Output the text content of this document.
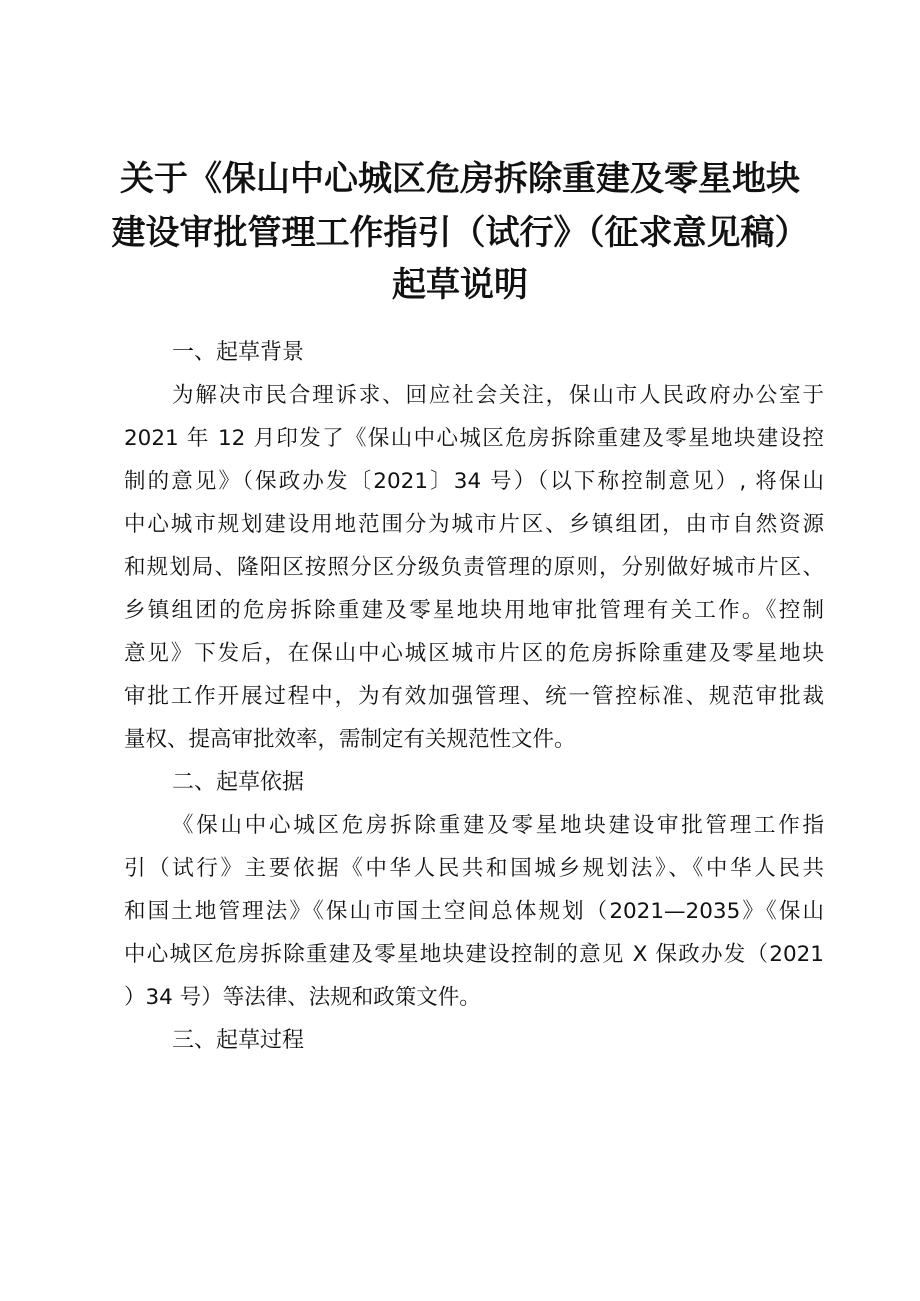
关于《保山中心城区危房拆除重建及零星地块
建设审批管理工作指引（试行》（征求意见稿）
起草说明
一、起草背景
为解决市民合理诉求、回应社会关注，保山市人民政府办公室于
2021 年 12 月印发了《保山中心城区危房拆除重建及零星地块建设控
制的意见》（保政办发〔2021〕34 号）（以下称控制意见）, 将保山
中心城市规划建设用地范围分为城市片区、乡镇组团，由市自然资源
和规划局、隆阳区按照分区分级负责管理的原则，分别做好城市片区、
乡镇组团的危房拆除重建及零星地块用地审批管理有关工作。《控制
意见》下发后，在保山中心城区城市片区的危房拆除重建及零星地块
审批工作开展过程中，为有效加强管理、统一管控标准、规范审批裁
量权、提高审批效率，需制定有关规范性文件。
二、起草依据
《保山中心城区危房拆除重建及零星地块建设审批管理工作指
引（试行》主要依据《中华人民共和国城乡规划法》、《中华人民共
和国土地管理法》《保山市国土空间总体规划（2021—2035》《保山
中心城区危房拆除重建及零星地块建设控制的意见 X 保政办发（2021
）34 号）等法律、法规和政策文件。
三、起草过程
